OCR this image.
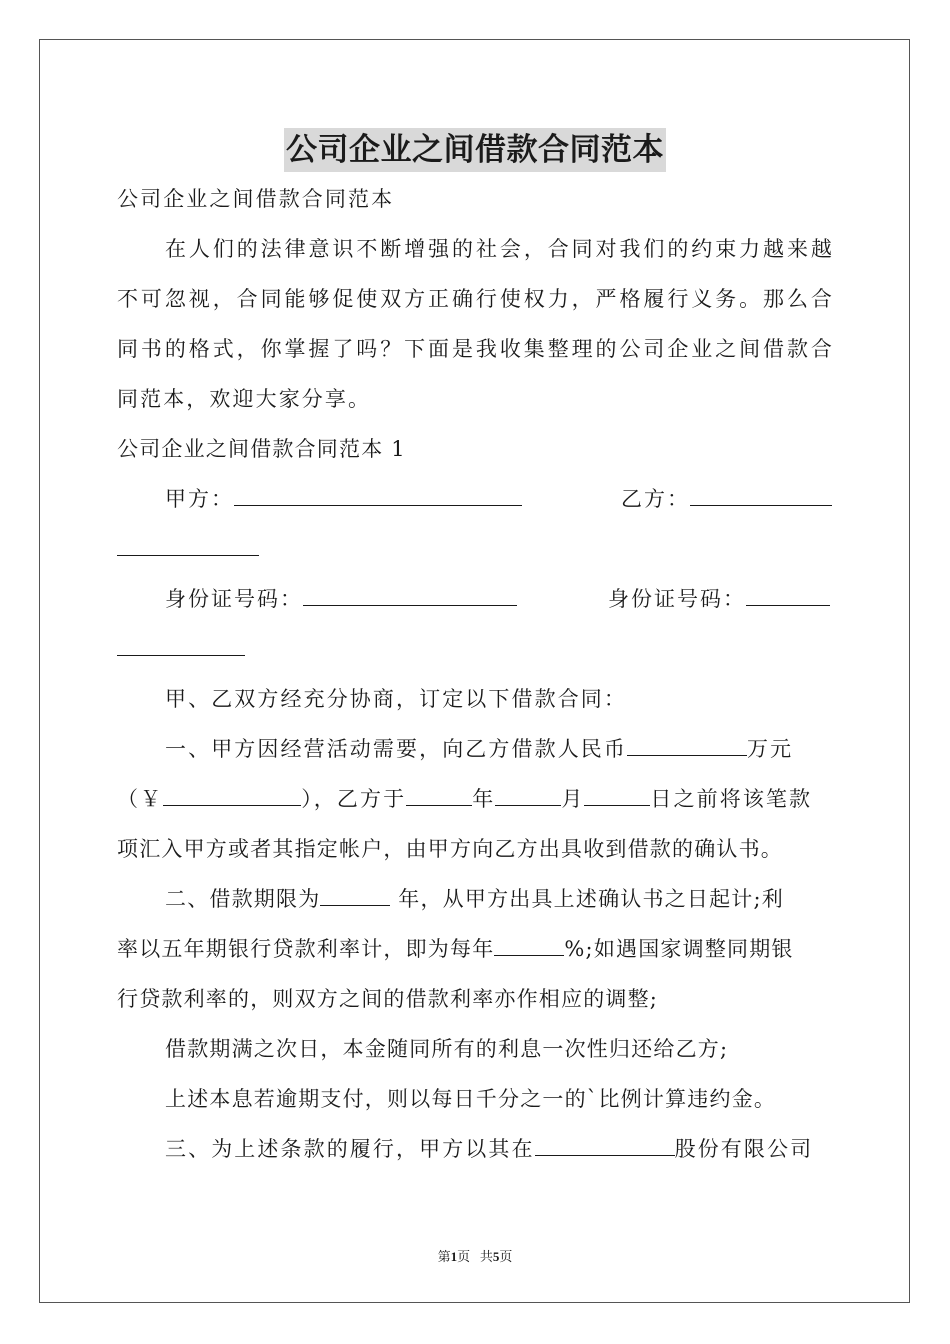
公司企业之间借款合同范本
公司企业之间借款合同范本
在人们的法律意识不断增强的社会，合同对我们的约束力越来越
不可忽视，合同能够促使双方正确行使权力，严格履行义务。那么合
同书的格式，你掌握了吗？下面是我收集整理的公司企业之间借款合
同范本，欢迎大家分享。
公司企业之间借款合同范本 1
甲方：	乙方：
身份证号码：	身份证号码：
甲、乙双方经充分协商，订定以下借款合同：
一、甲方因经营活动需要，向乙方借款人民币	万元
（￥	），乙方于	年	月	日之前将该笔款
项汇入甲方或者其指定帐户，由甲方向乙方出具收到借款的确认书。
二、借款期限为	年，从甲方出具上述确认书之日起计;利
率以五年期银行贷款利率计，即为每年	%;如遇国家调整同期银
行贷款利率的，则双方之间的借款利率亦作相应的调整;
借款期满之次日，本金随同所有的利息一次性归还给乙方;
上述本息若逾期支付，则以每日千分之一的`比例计算违约金。
三、为上述条款的履行，甲方以其在	股份有限公司
第1页 共5页
